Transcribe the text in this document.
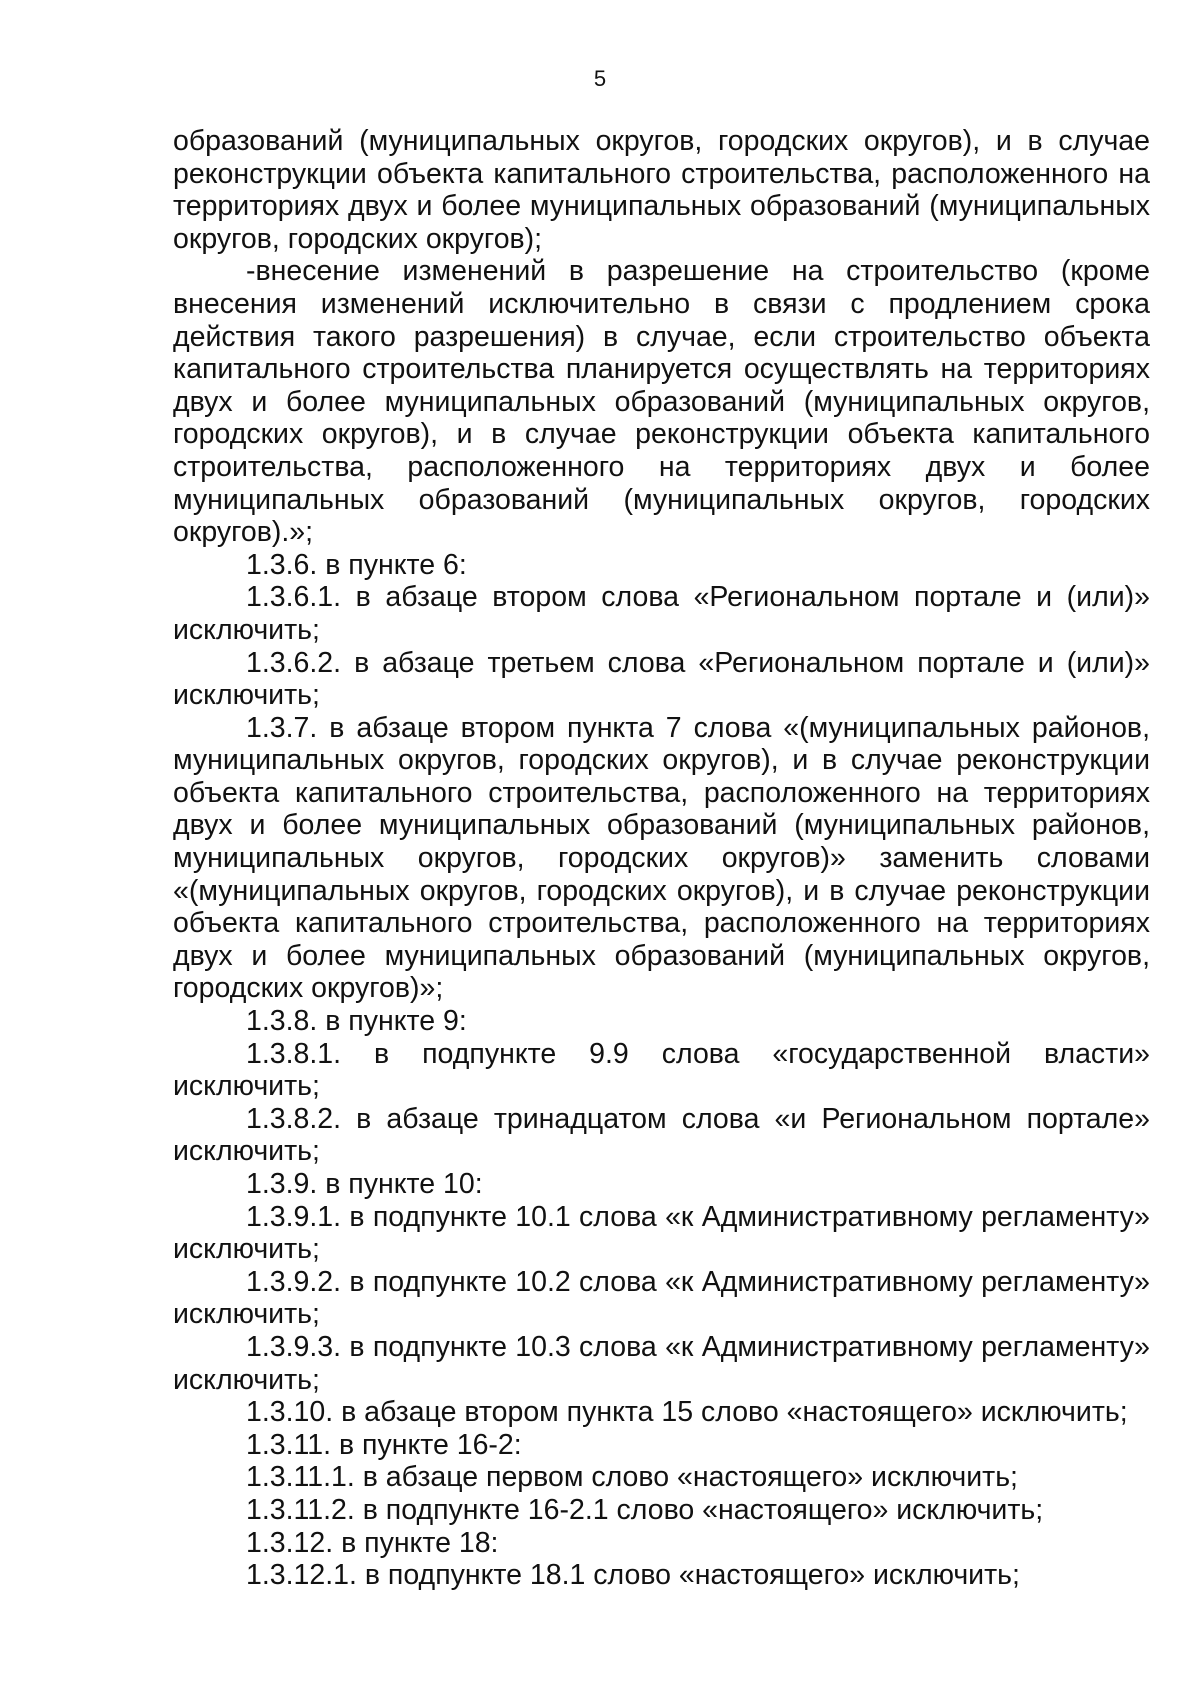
5

образований (муниципальных округов, городских округов), и в случае реконструкции объекта капитального строительства, расположенного на территориях двух и более муниципальных образований (муниципальных округов, городских округов);

-внесение изменений в разрешение на строительство (кроме внесения изменений исключительно в связи с продлением срока действия такого разрешения) в случае, если строительство объекта капитального строительства планируется осуществлять на территориях двух и более муниципальных образований (муниципальных округов, городских округов), и в случае реконструкции объекта капитального строительства, расположенного на территориях двух и более муниципальных образований (муниципальных округов, городских округов).»;

1.3.6. в пункте 6:

1.3.6.1. в абзаце втором слова «Региональном портале и (или)» исключить;

1.3.6.2. в абзаце третьем слова «Региональном портале и (или)» исключить;

1.3.7. в абзаце втором пункта 7 слова «(муниципальных районов, муниципальных округов, городских округов), и в случае реконструкции объекта капитального строительства, расположенного на территориях двух и более муниципальных образований (муниципальных районов, муниципальных округов, городских округов)» заменить словами «(муниципальных округов, городских округов), и в случае реконструкции объекта капитального строительства, расположенного на территориях двух и более муниципальных образований (муниципальных округов, городских округов)»;

1.3.8. в пункте 9:

1.3.8.1. в подпункте 9.9 слова «государственной власти» исключить;

1.3.8.2. в абзаце тринадцатом слова «и Региональном портале» исключить;

1.3.9. в пункте 10:

1.3.9.1. в подпункте 10.1 слова «к Административному регламенту» исключить;

1.3.9.2. в подпункте 10.2 слова «к Административному регламенту» исключить;

1.3.9.3. в подпункте 10.3 слова «к Административному регламенту» исключить;

1.3.10. в абзаце втором пункта 15 слово «настоящего» исключить;

1.3.11. в пункте 16-2:

1.3.11.1. в абзаце первом слово «настоящего» исключить;

1.3.11.2. в подпункте 16-2.1 слово «настоящего» исключить;

1.3.12. в пункте 18:

1.3.12.1. в подпункте 18.1 слово «настоящего» исключить;
